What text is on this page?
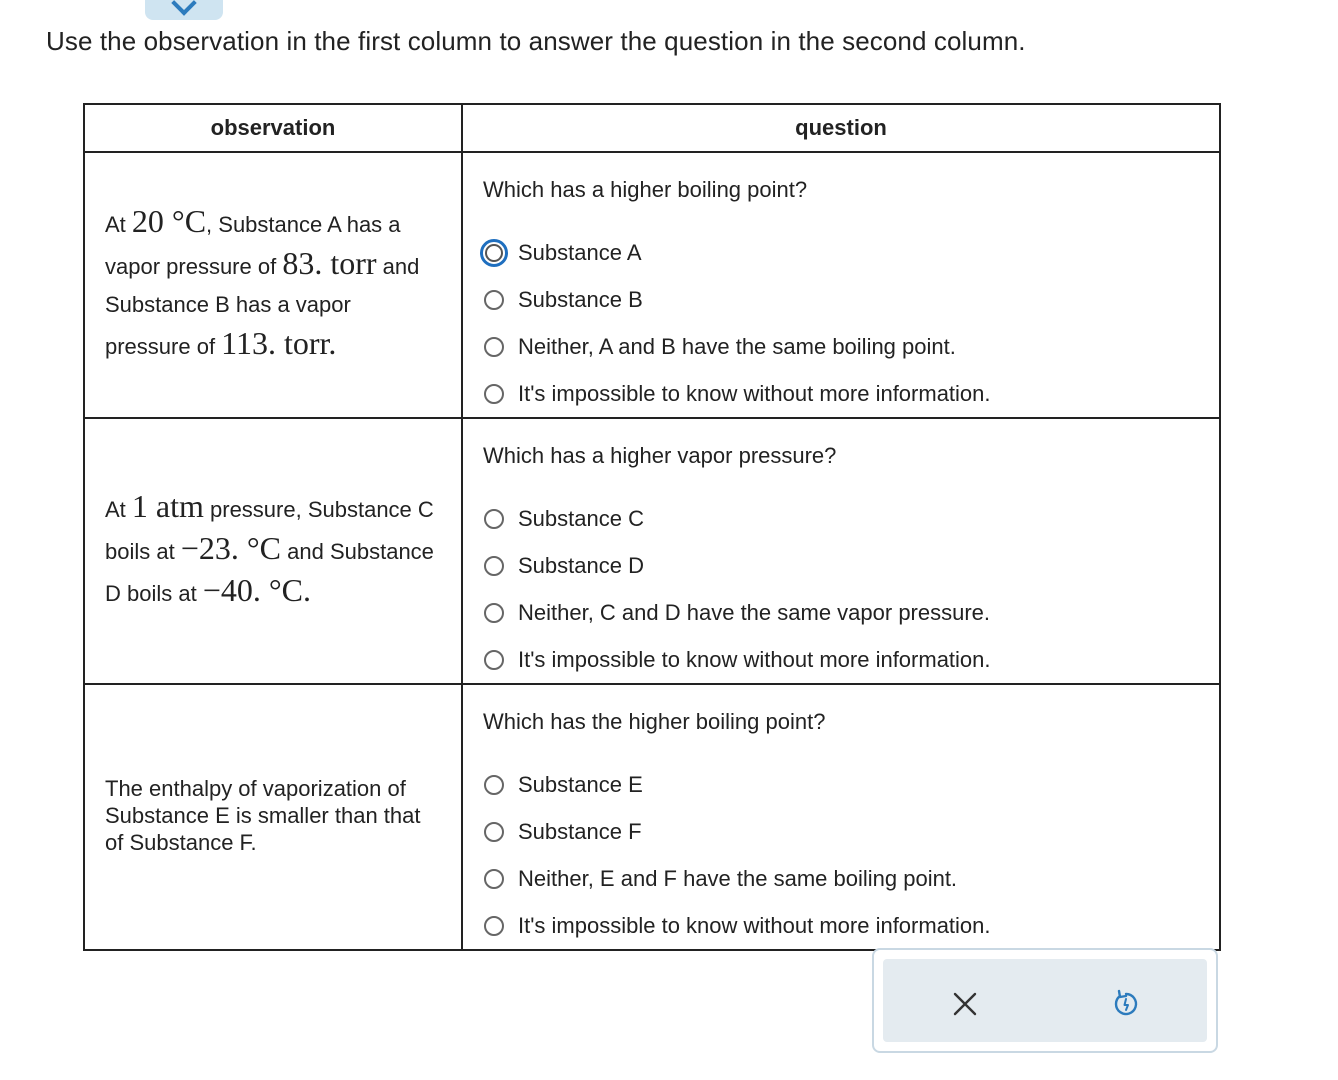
Use the observation in the first column to answer the question in the second column.

observation	question

At 20 °C, Substance A has a vapor pressure of 83. torr and Substance B has a vapor pressure of 113. torr.	Which has a higher boiling point?
Substance A
Substance B
Neither, A and B have the same boiling point.
It's impossible to know without more information.

At 1 atm pressure, Substance C boils at −23. °C and Substance D boils at −40. °C.	Which has a higher vapor pressure?
Substance C
Substance D
Neither, C and D have the same vapor pressure.
It's impossible to know without more information.

The enthalpy of vaporization of Substance E is smaller than that of Substance F.	Which has the higher boiling point?
Substance E
Substance F
Neither, E and F have the same boiling point.
It's impossible to know without more information.
